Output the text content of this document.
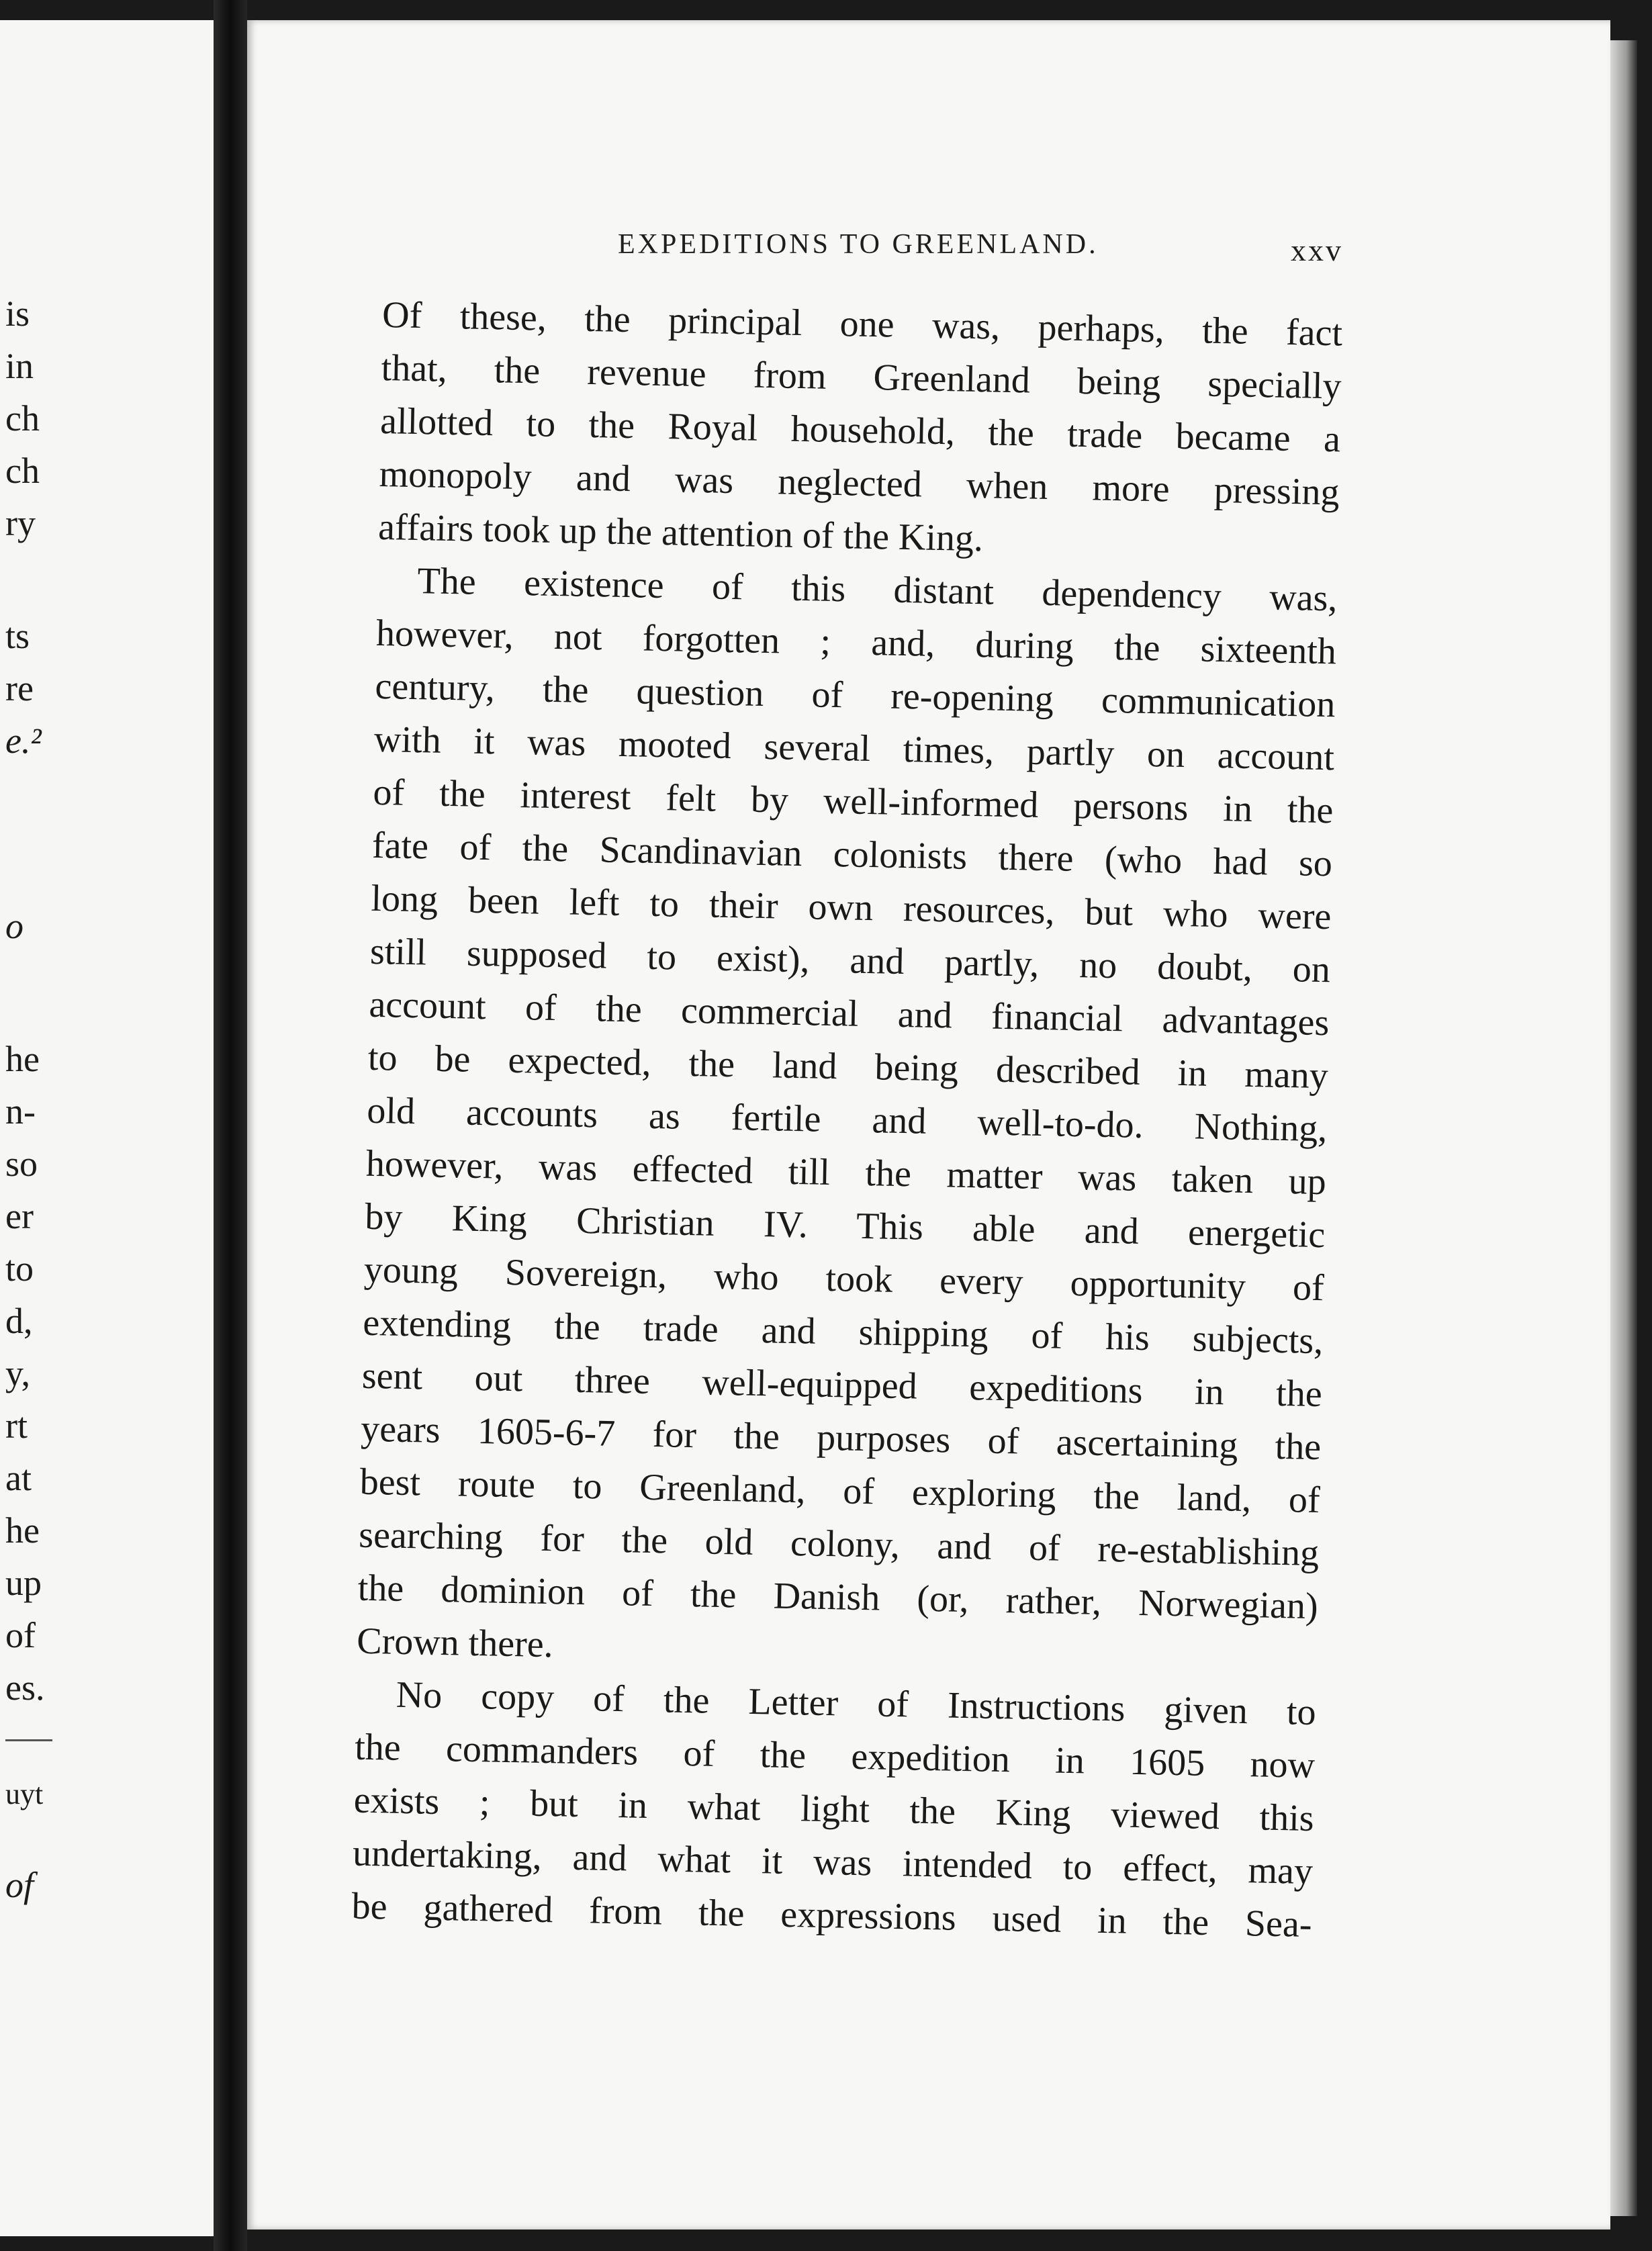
is
in
ch
ch
ry
ts
re
e.²
o
he
n-
so
er
to
d,
y,
rt
at
he
up
of
es.
uyt
of
EXPEDITIONS TO GREENLAND.	xxv
Of these, the principal one was, perhaps, the fact
that, the revenue from Greenland being specially
allotted to the Royal household, the trade became a
monopoly and was neglected when more pressing
affairs took up the attention of the King.
The existence of this distant dependency was,
however, not forgotten ; and, during the sixteenth
century, the question of re-opening communication
with it was mooted several times, partly on account
of the interest felt by well-informed persons in the
fate of the Scandinavian colonists there (who had so
long been left to their own resources, but who were
still supposed to exist), and partly, no doubt, on
account of the commercial and financial advantages
to be expected, the land being described in many
old accounts as fertile and well-to-do. Nothing,
however, was effected till the matter was taken up
by King Christian IV. This able and energetic
young Sovereign, who took every opportunity of
extending the trade and shipping of his subjects,
sent out three well-equipped expeditions in the
years 1605-6-7 for the purposes of ascertaining the
best route to Greenland, of exploring the land, of
searching for the old colony, and of re-establishing
the dominion of the Danish (or, rather, Norwegian)
Crown there.
No copy of the Letter of Instructions given to
the commanders of the expedition in 1605 now
exists ; but in what light the King viewed this
undertaking, and what it was intended to effect, may
be gathered from the expressions used in the Sea-
